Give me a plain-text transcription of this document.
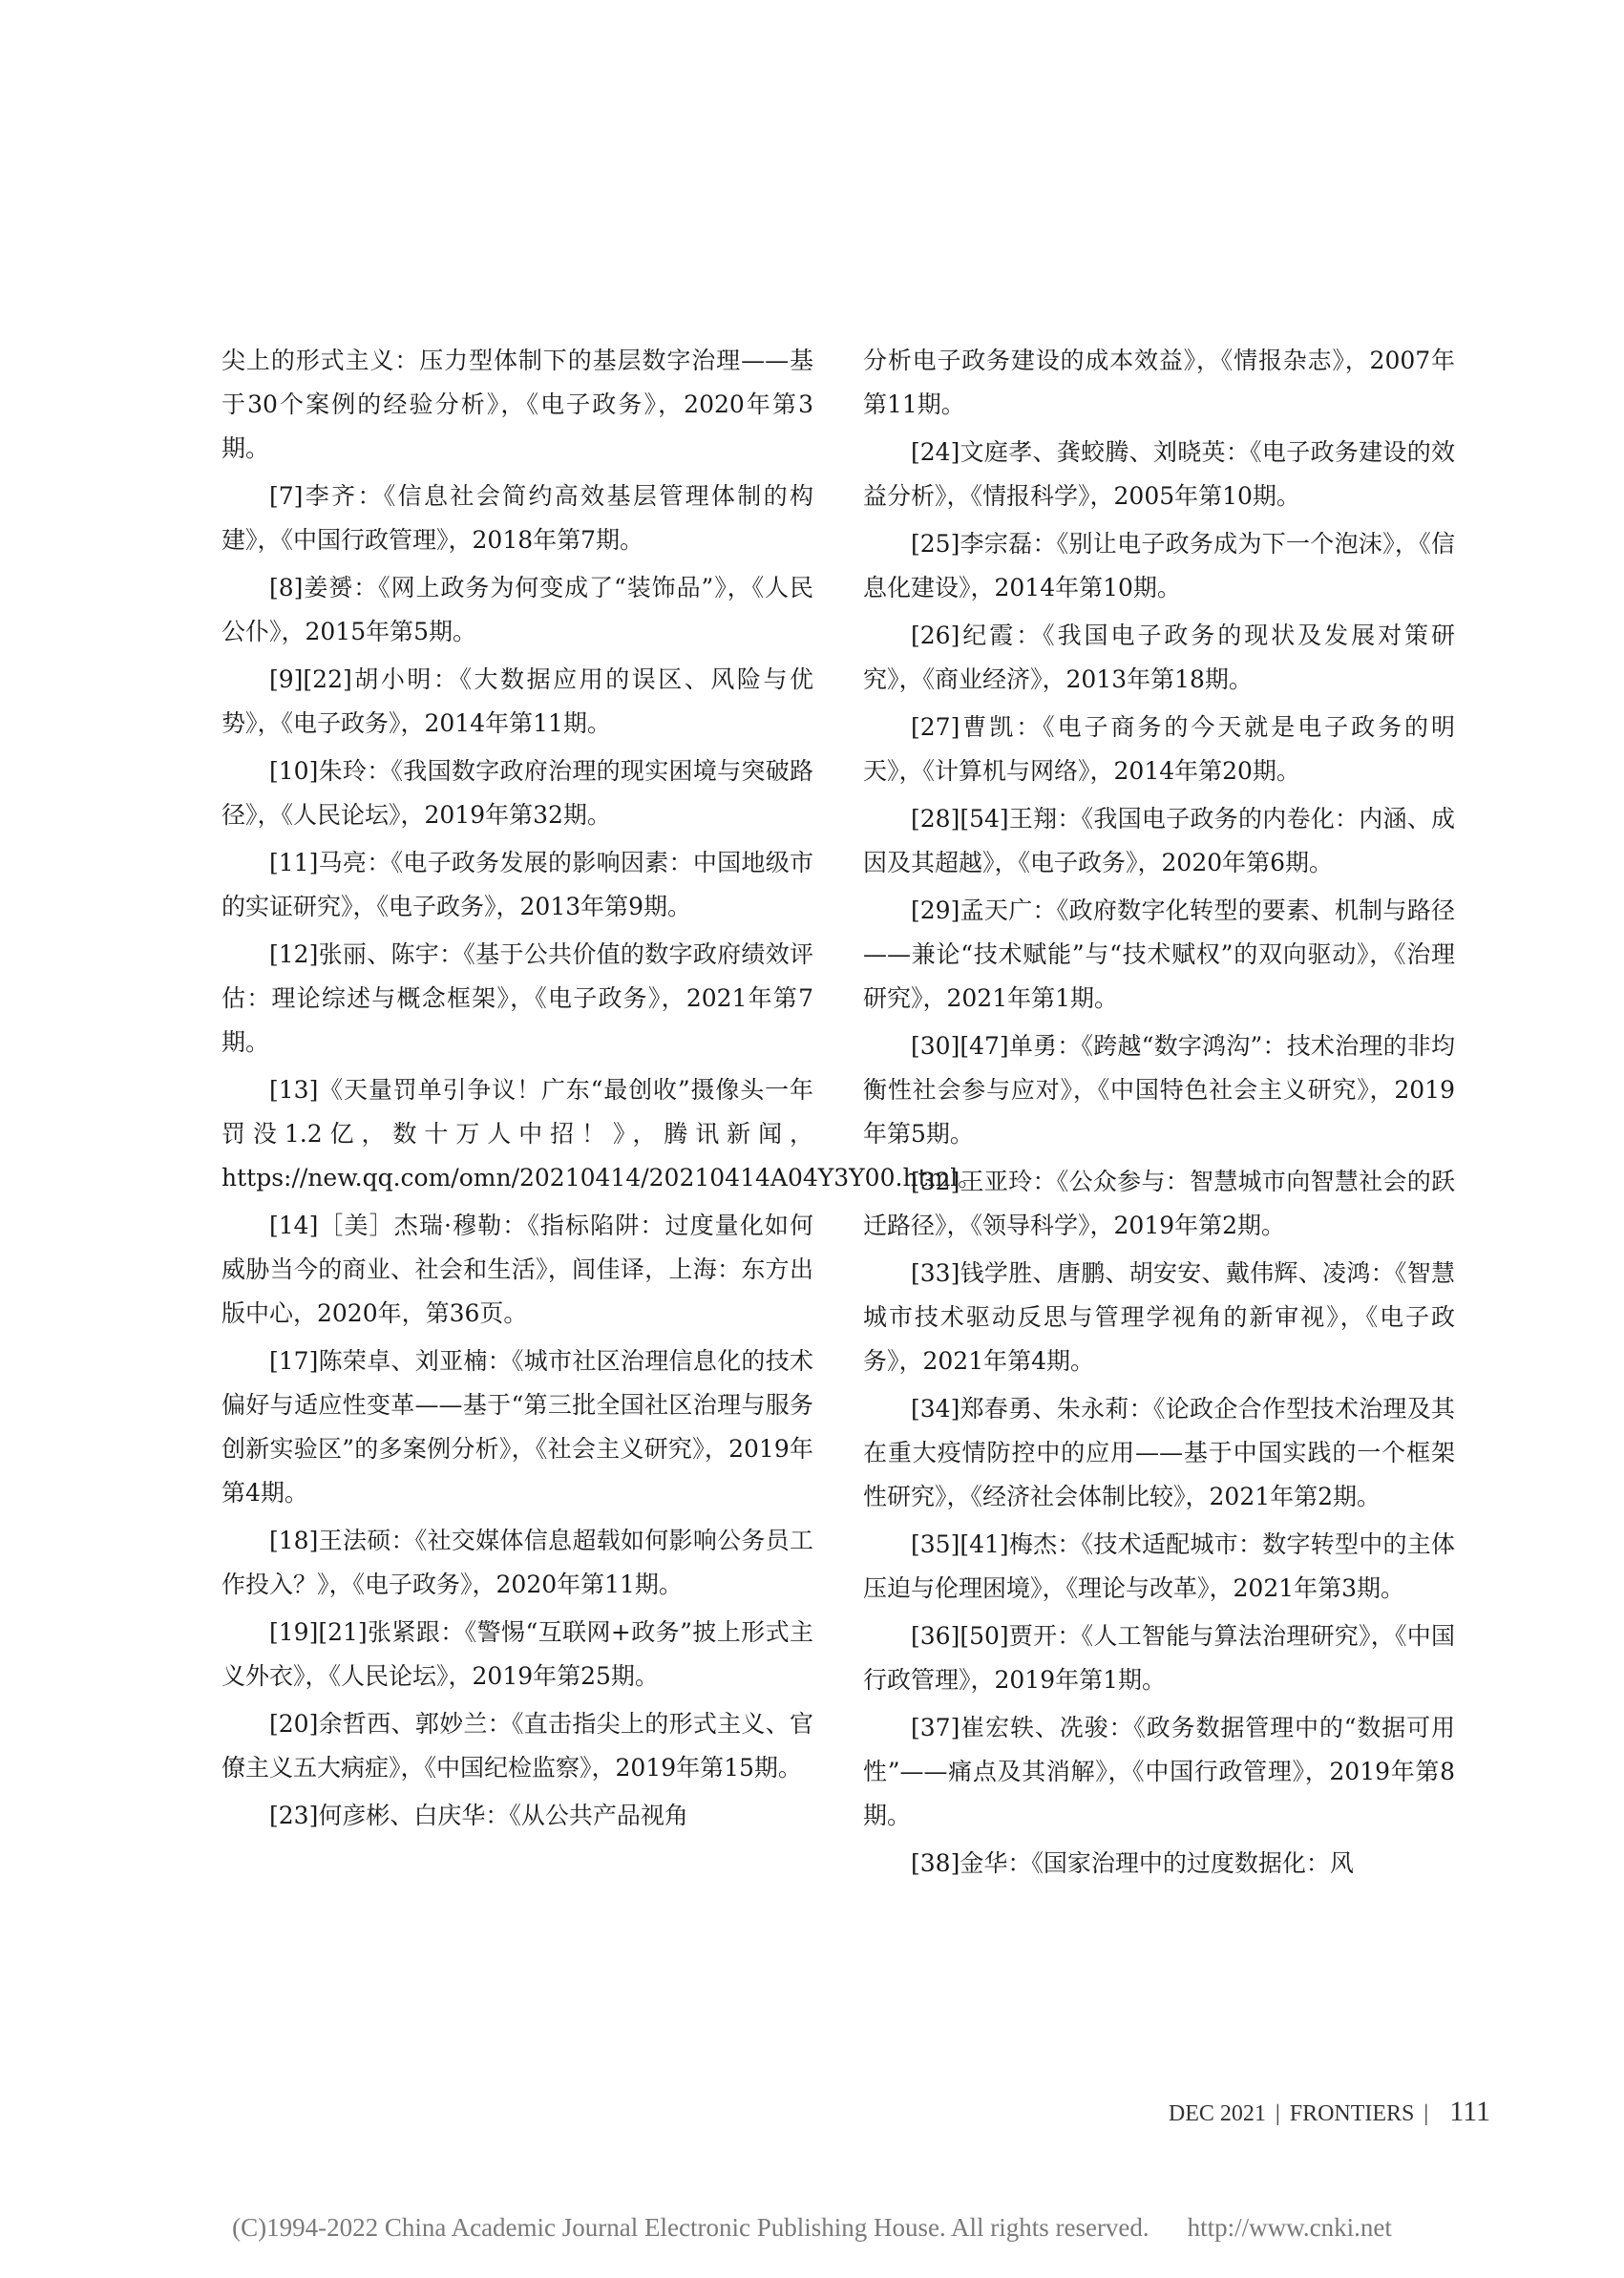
尖上的形式主义：压力型体制下的基层数字治理——基于30个案例的经验分析》，《电子政务》，2020年第3期。

[7]李齐：《信息社会简约高效基层管理体制的构建》，《中国行政管理》，2018年第7期。

[8]姜赟：《网上政务为何变成了“装饰品”》，《人民公仆》，2015年第5期。

[9][22]胡小明：《大数据应用的误区、风险与优势》，《电子政务》，2014年第11期。

[10]朱玲：《我国数字政府治理的现实困境与突破路径》，《人民论坛》，2019年第32期。

[11]马亮：《电子政务发展的影响因素：中国地级市的实证研究》，《电子政务》，2013年第9期。

[12]张丽、陈宇：《基于公共价值的数字政府绩效评估：理论综述与概念框架》，《电子政务》，2021年第7期。

[13]《天量罚单引争议！广东“最创收”摄像头一年罚没1.2亿，数十万人中招！》，腾讯新闻，https://new.qq.com/omn/20210414/20210414A04Y3Y00.html。

[14]［美］杰瑞·穆勒：《指标陷阱：过度量化如何威胁当今的商业、社会和生活》，闾佳译，上海：东方出版中心，2020年，第36页。

[17]陈荣卓、刘亚楠：《城市社区治理信息化的技术偏好与适应性变革——基于“第三批全国社区治理与服务创新实验区”的多案例分析》，《社会主义研究》，2019年第4期。

[18]王法硕：《社交媒体信息超载如何影响公务员工作投入？》，《电子政务》，2020年第11期。

[19][21]张紧跟：《警惕“互联网+政务”披上形式主义外衣》，《人民论坛》，2019年第25期。

[20]余哲西、郭妙兰：《直击指尖上的形式主义、官僚主义五大病症》，《中国纪检监察》，2019年第15期。

[23]何彦彬、白庆华：《从公共产品视角

分析电子政务建设的成本效益》，《情报杂志》，2007年第11期。

[24]文庭孝、龚蛟腾、刘晓英：《电子政务建设的效益分析》，《情报科学》，2005年第10期。

[25]李宗磊：《别让电子政务成为下一个泡沫》，《信息化建设》，2014年第10期。

[26]纪霞：《我国电子政务的现状及发展对策研究》，《商业经济》，2013年第18期。

[27]曹凯：《电子商务的今天就是电子政务的明天》，《计算机与网络》，2014年第20期。

[28][54]王翔：《我国电子政务的内卷化：内涵、成因及其超越》，《电子政务》，2020年第6期。

[29]孟天广：《政府数字化转型的要素、机制与路径——兼论“技术赋能”与“技术赋权”的双向驱动》，《治理研究》，2021年第1期。

[30][47]单勇：《跨越“数字鸿沟”：技术治理的非均衡性社会参与应对》，《中国特色社会主义研究》，2019年第5期。

[32]王亚玲：《公众参与：智慧城市向智慧社会的跃迁路径》，《领导科学》，2019年第2期。

[33]钱学胜、唐鹏、胡安安、戴伟辉、凌鸿：《智慧城市技术驱动反思与管理学视角的新审视》，《电子政务》，2021年第4期。

[34]郑春勇、朱永莉：《论政企合作型技术治理及其在重大疫情防控中的应用——基于中国实践的一个框架性研究》，《经济社会体制比较》，2021年第2期。

[35][41]梅杰：《技术适配城市：数字转型中的主体压迫与伦理困境》，《理论与改革》，2021年第3期。

[36][50]贾开：《人工智能与算法治理研究》，《中国行政管理》，2019年第1期。

[37]崔宏轶、冼骏：《政务数据管理中的“数据可用性”——痛点及其消解》，《中国行政管理》，2019年第8期。

[38]金华：《国家治理中的过度数据化：风

DEC 2021 | FRONTIERS | 111
(C)1994-2022 China Academic Journal Electronic Publishing House. All rights reserved. http://www.cnki.net
